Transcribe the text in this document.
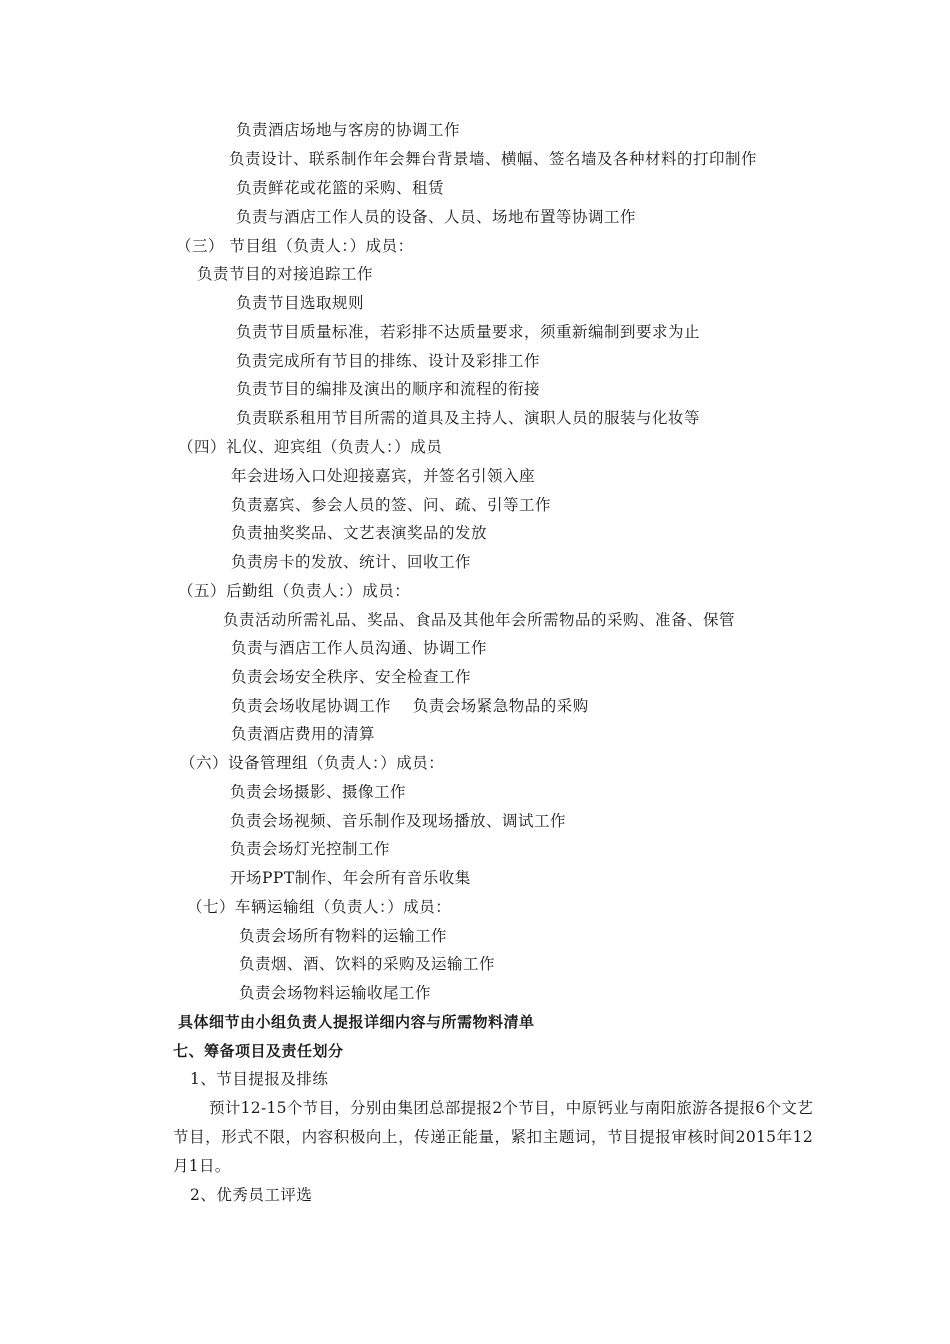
负责酒店场地与客房的协调工作
负责设计、联系制作年会舞台背景墙、横幅、签名墙及各种材料的打印制作
负责鲜花或花篮的采购、租赁
负责与酒店工作人员的设备、人员、场地布置等协调工作
（三） 节目组（负责人：）成员：
负责节目的对接追踪工作
负责节目选取规则
负责节目质量标准，若彩排不达质量要求，须重新编制到要求为止
负责完成所有节目的排练、设计及彩排工作
负责节目的编排及演出的顺序和流程的衔接
负责联系租用节目所需的道具及主持人、演职人员的服装与化妆等
（四）礼仪、迎宾组（负责人：）成员
年会进场入口处迎接嘉宾，并签名引领入座
负责嘉宾、参会人员的签、问、疏、引等工作
负责抽奖奖品、文艺表演奖品的发放
负责房卡的发放、统计、回收工作
（五）后勤组（负责人：）成员：
负责活动所需礼品、奖品、食品及其他年会所需物品的采购、准备、保管
负责与酒店工作人员沟通、协调工作
负责会场安全秩序、安全检查工作
负责会场收尾协调工作    负责会场紧急物品的采购
负责酒店费用的清算
（六）设备管理组（负责人：）成员：
负责会场摄影、摄像工作
负责会场视频、音乐制作及现场播放、调试工作
负责会场灯光控制工作
开场PPT制作、年会所有音乐收集
（七）车辆运输组（负责人：）成员：
负责会场所有物料的运输工作
负责烟、酒、饮料的采购及运输工作
负责会场物料运输收尾工作
具体细节由小组负责人提报详细内容与所需物料清单
七、筹备项目及责任划分
1、节目提报及排练
预计12-15个节目，分别由集团总部提报2个节目，中原钙业与南阳旅游各提报6个文艺节目，形式不限，内容积极向上，传递正能量，紧扣主题词，节目提报审核时间2015年12月1日。
2、优秀员工评选
